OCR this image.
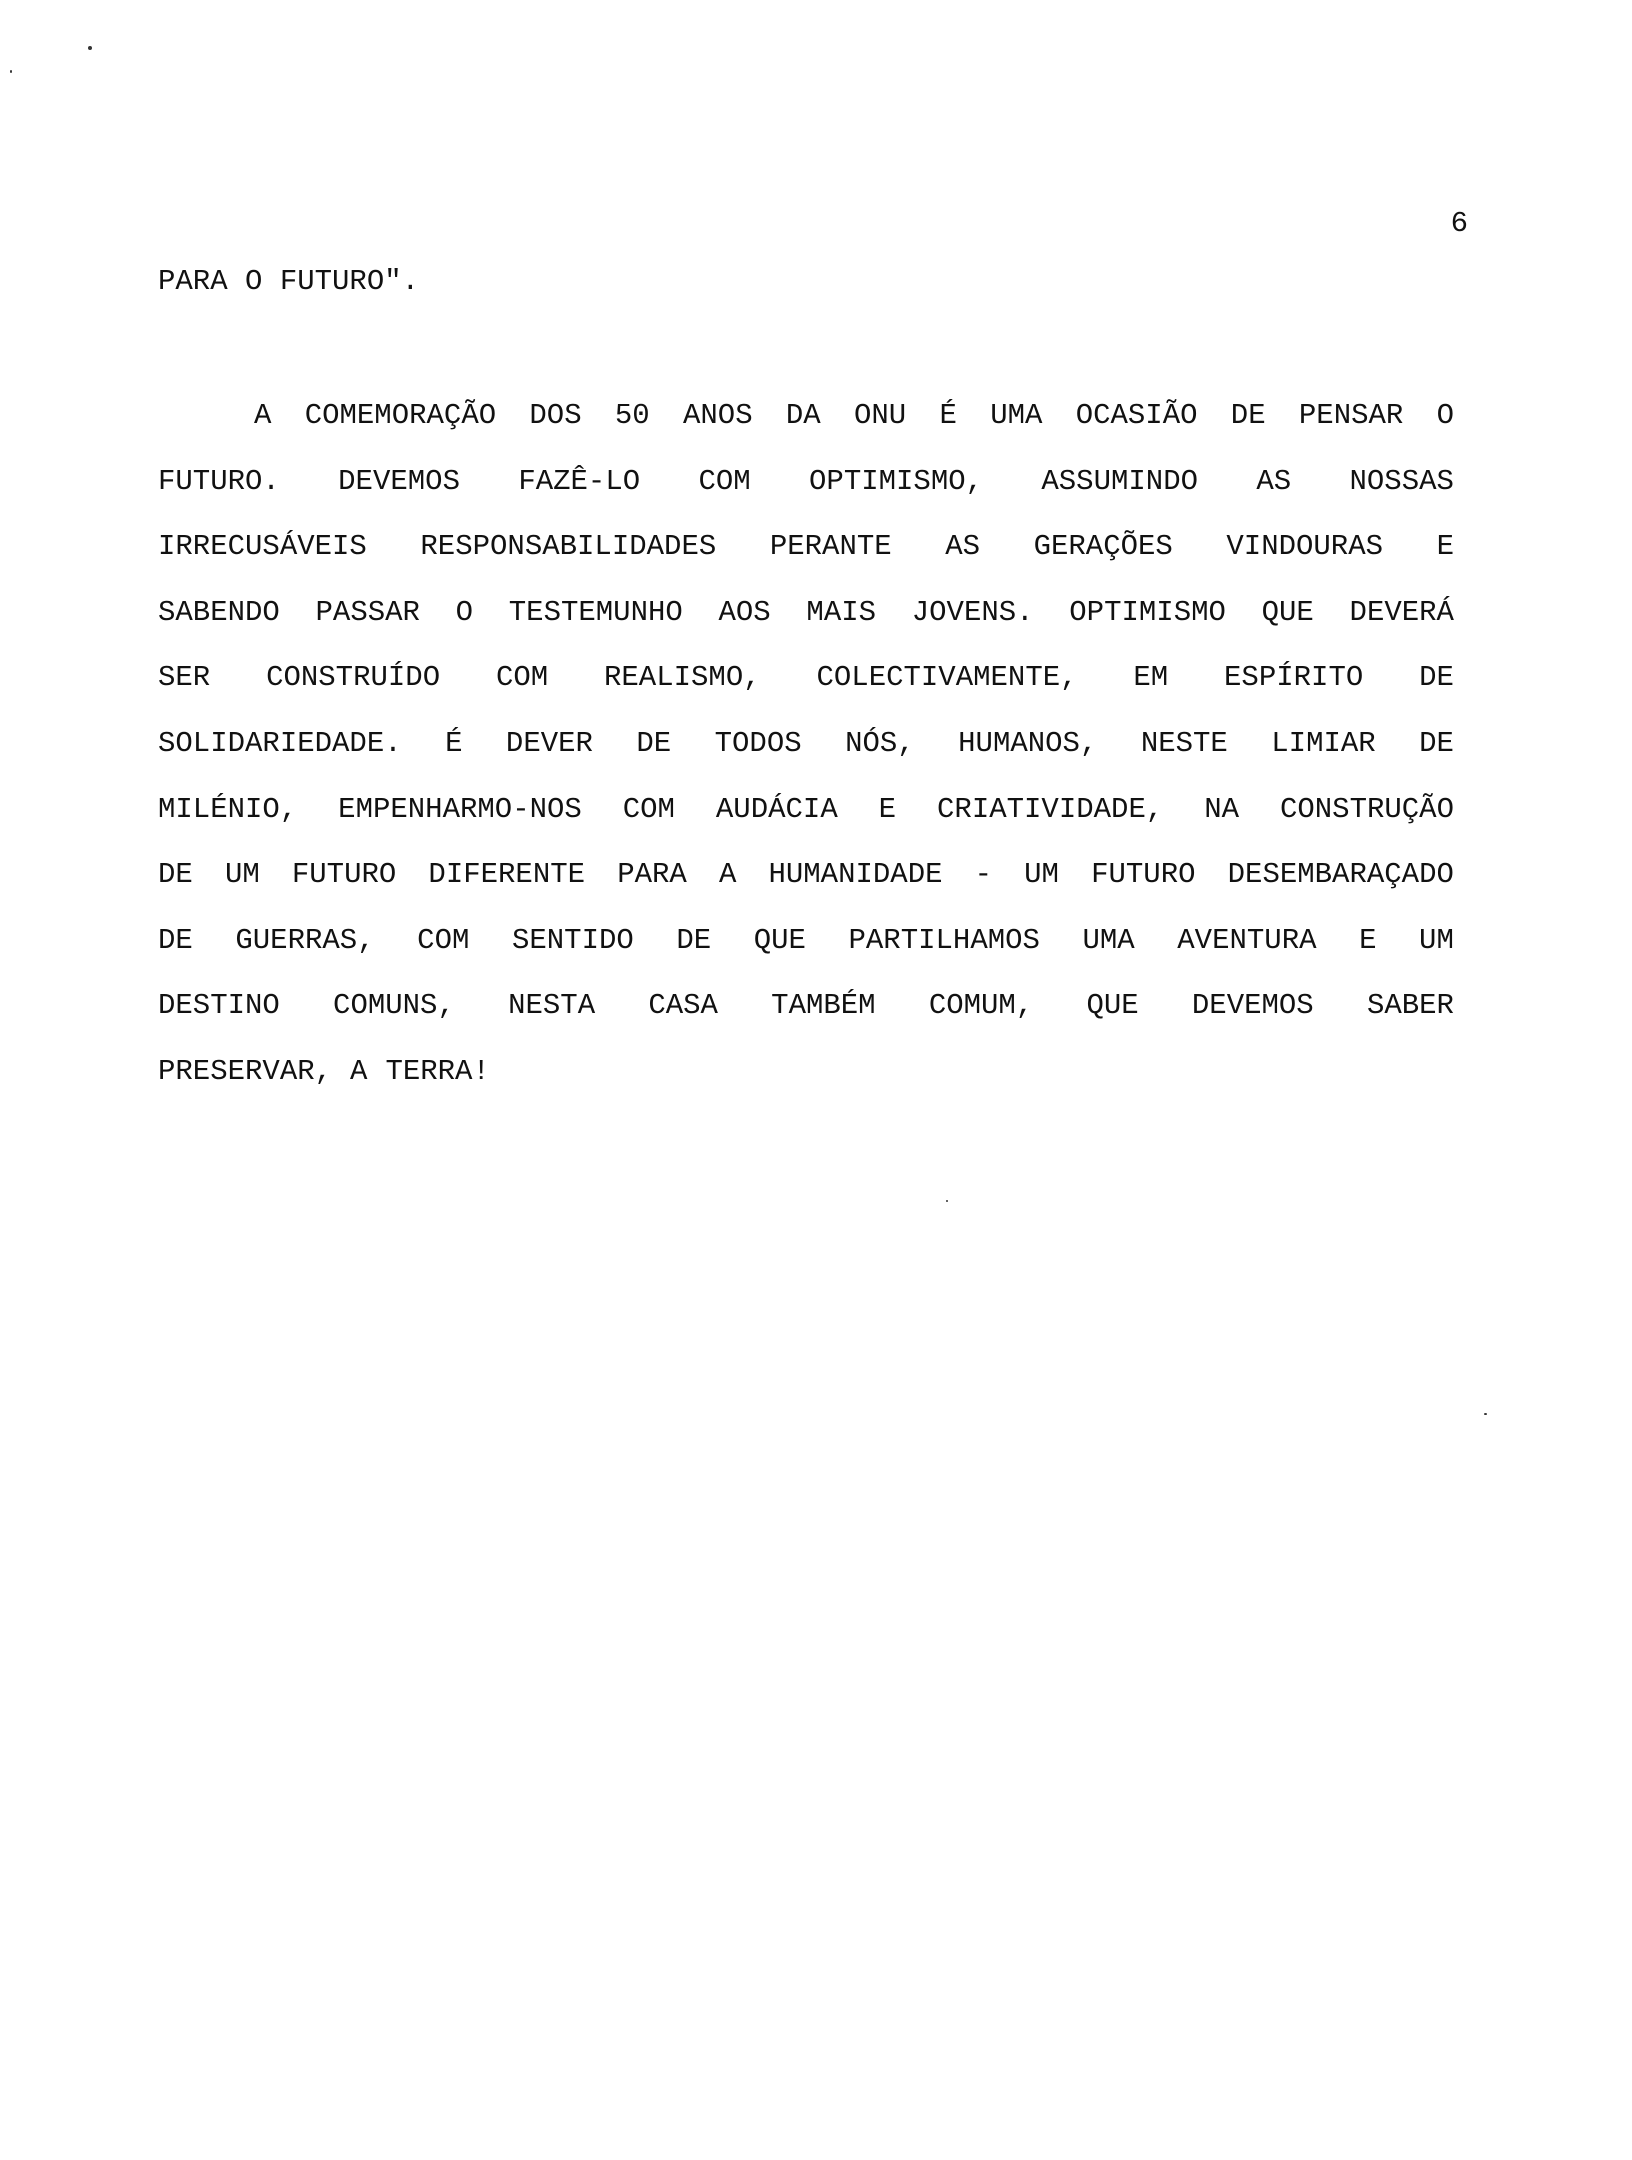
6
PARA O FUTURO".
A COMEMORAÇÃO DOS 50 ANOS DA ONU É UMA OCASIÃO DE PENSAR O
FUTURO. DEVEMOS FAZÊ-LO COM OPTIMISMO, ASSUMINDO AS NOSSAS
IRRECUSÁVEIS RESPONSABILIDADES PERANTE AS GERAÇÕES VINDOURAS E
SABENDO PASSAR O TESTEMUNHO AOS MAIS JOVENS. OPTIMISMO QUE DEVERÁ
SER CONSTRUÍDO COM REALISMO, COLECTIVAMENTE, EM ESPÍRITO DE
SOLIDARIEDADE. É DEVER DE TODOS NÓS, HUMANOS, NESTE LIMIAR DE
MILÉNIO, EMPENHARMO-NOS COM AUDÁCIA E CRIATIVIDADE, NA CONSTRUÇÃO
DE UM FUTURO DIFERENTE PARA A HUMANIDADE - UM FUTURO DESEMBARAÇADO
DE GUERRAS, COM SENTIDO DE QUE PARTILHAMOS UMA AVENTURA E UM
DESTINO COMUNS, NESTA CASA TAMBÉM COMUM, QUE DEVEMOS SABER
PRESERVAR, A TERRA!
